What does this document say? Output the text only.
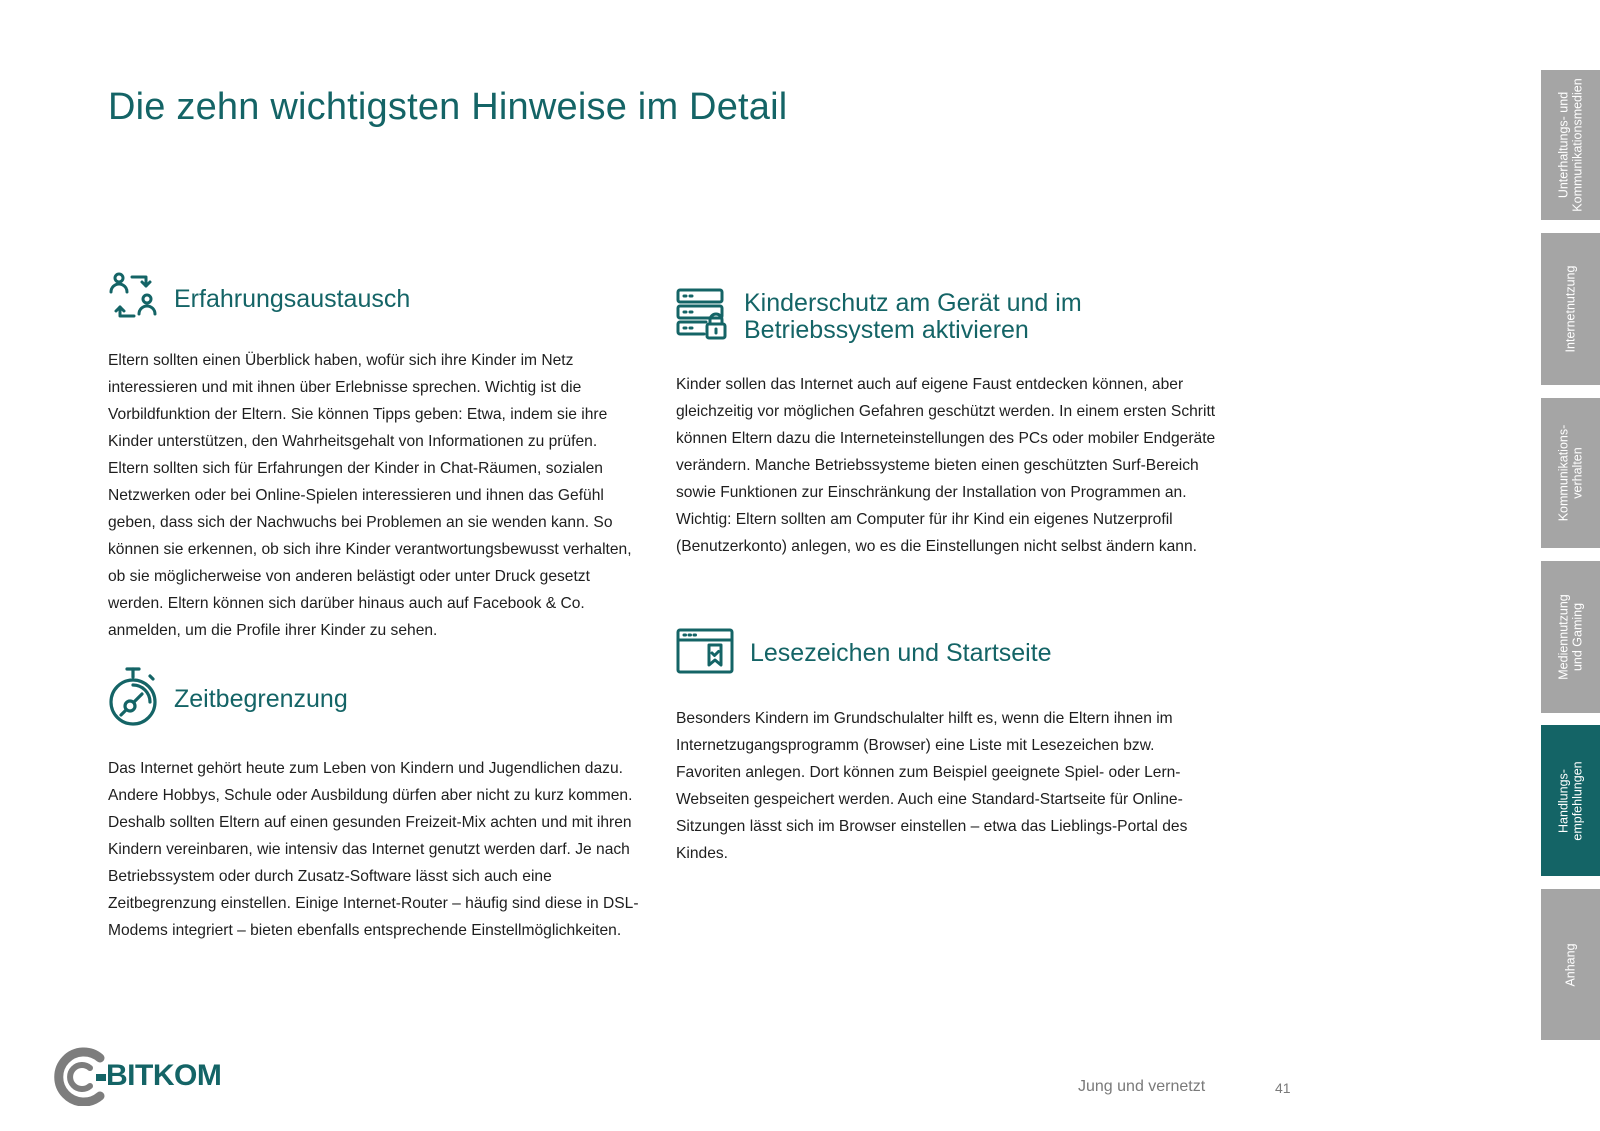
Die zehn wichtigsten Hinweise im Detail
Erfahrungsaustausch

Eltern sollten einen Überblick haben, wofür sich ihre Kinder im Netz interessieren und mit ihnen über Erlebnisse sprechen. Wichtig ist die Vorbildfunktion der Eltern. Sie können Tipps geben: Etwa, indem sie ihre Kinder unterstützen, den Wahrheitsgehalt von Informationen zu prüfen. Eltern sollten sich für Erfahrungen der Kinder in Chat-Räumen, sozialen Netzwerken oder bei Online-Spielen interessieren und ihnen das Gefühl geben, dass sich der Nachwuchs bei Problemen an sie wenden kann. So können sie erkennen, ob sich ihre Kinder verantwortungsbewusst verhalten, ob sie möglicherweise von anderen belästigt oder unter Druck gesetzt werden. Eltern können sich darüber hinaus auch auf Facebook & Co. anmelden, um die Profile ihrer Kinder zu sehen.

Zeitbegrenzung

Das Internet gehört heute zum Leben von Kindern und Jugendlichen dazu. Andere Hobbys, Schule oder Ausbildung dürfen aber nicht zu kurz kommen. Deshalb sollten Eltern auf einen gesunden Freizeit-Mix achten und mit ihren Kindern vereinbaren, wie intensiv das Internet genutzt werden darf. Je nach Betriebssystem oder durch Zusatz-Software lässt sich auch eine Zeitbegrenzung einstellen. Einige Internet-Router – häufig sind diese in DSL-Modems integriert – bieten ebenfalls entsprechende Einstellmöglichkeiten.

Kinderschutz am Gerät und im Betriebssystem aktivieren

Kinder sollen das Internet auch auf eigene Faust entdecken können, aber gleichzeitig vor möglichen Gefahren geschützt werden. In einem ersten Schritt können Eltern dazu die Interneteinstellungen des PCs oder mobiler Endgeräte verändern. Manche Betriebssysteme bieten einen geschützten Surf-Bereich sowie Funktionen zur Einschränkung der Installation von Programmen an. Wichtig: Eltern sollten am Computer für ihr Kind ein eigenes Nutzerprofil (Benutzerkonto) anlegen, wo es die Einstellungen nicht selbst ändern kann.

Lesezeichen und Startseite

Besonders Kindern im Grundschulalter hilft es, wenn die Eltern ihnen im Internetzugangsprogramm (Browser) eine Liste mit Lesezeichen bzw. Favoriten anlegen. Dort können zum Beispiel geeignete Spiel- oder Lern-Webseiten gespeichert werden. Auch eine Standard-Startseite für Online-Sitzungen lässt sich im Browser einstellen – etwa das Lieblings-Portal des Kindes.

Unterhaltungs- und
Kommunikationsmedien
Internetnutzung
Kommunikations-
verhalten
Mediennutzung
und Gaming
Handlungs-
empfehlungen
Anhang
BITKOM	Jung und vernetzt	41
